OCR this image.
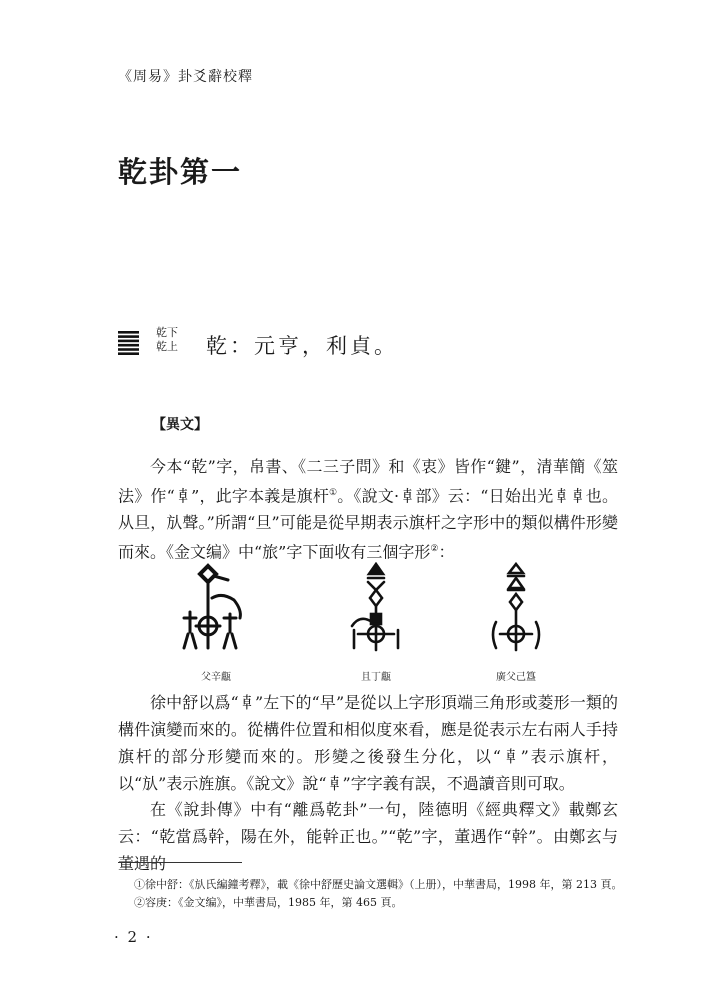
《周易》卦爻辭校釋
乾卦第一
乾下
乾上 乾：元亨，利貞。
【異文】

今本“乾”字，帛書、《二三子問》和《衷》皆作“鍵”，清華簡《筮法》作“𠦝”，此字本義是旗杆①。《說文·𠦝部》云：“日始出光𠦝𠦝也。从旦，㫃聲。”所謂“旦”可能是從早期表示旗杆之字形中的類似構件形變而來。《金文编》中“旅”字下面收有三個字形②：

父辛甗	且丁甗	廣父己簋

徐中舒以爲“𠦝”左下的“早”是從以上字形頂端三角形或菱形一類的構件演變而來的。從構件位置和相似度來看，應是從表示左右兩人手持旗杆的部分形變而來的。形變之後發生分化，以“𠦝”表示旗杆，以“㫃”表示旌旗。《說文》說“𠦝”字字義有誤，不過讀音則可取。

在《說卦傳》中有“離爲乾卦”一句，陸德明《經典釋文》載鄭玄云：“乾當爲幹，陽在外，能幹正也。”“乾”字，董遇作“幹”。由鄭玄与董遇的

①徐中舒：《㫃氏編鐘考釋》，載《徐中舒歷史論文選輯》（上册），中華書局，1998 年，第 213 頁。
②容庚：《金文编》，中華書局，1985 年，第 465 頁。
· 2 ·
